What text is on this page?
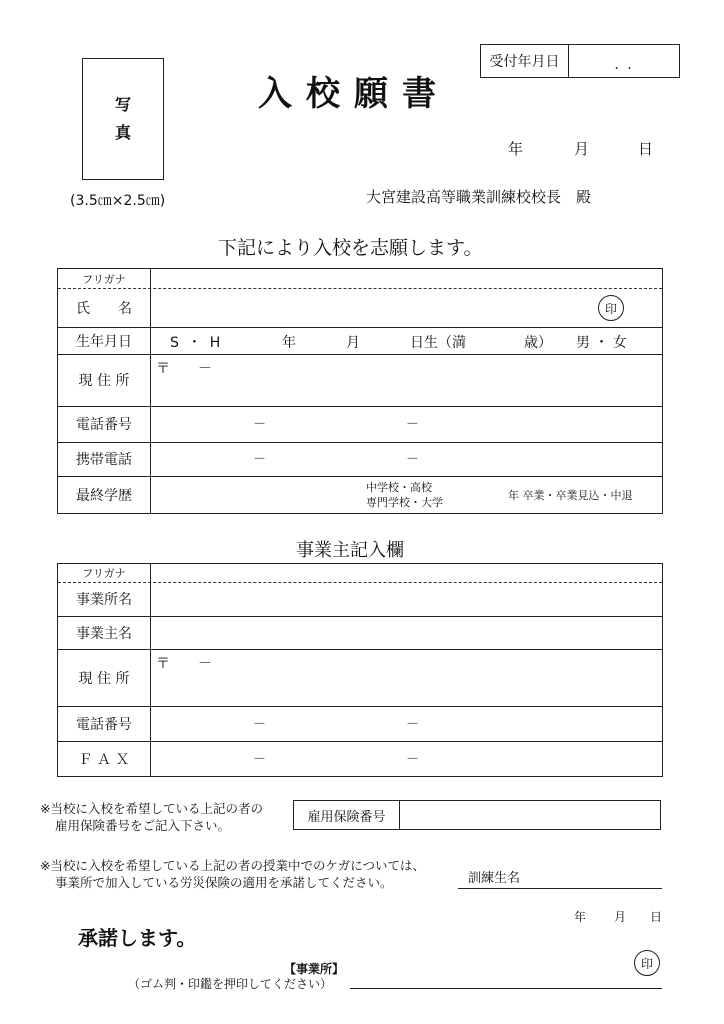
写
真
(3.5㎝×2.5㎝)
入校願書
受付年月日	. .
年	月	日
大宮建設高等職業訓練校校長　殿
下記により入校を志願します。
フリガナ
氏　　名	印
生年月日	S ・ H	年	月	日生（満	歳） 男 ・ 女
現 住 所
〒　　－
電話番号	－	－
携帯電話	－	－
最終学歴	中学校・高校
専門学校・大学
年 卒業・卒業見込・中退
事業主記入欄
フリガナ
事業所名
事業主名
現 住 所
〒　　－
電話番号	－	－
Ｆ Ａ Ｘ	－	－
※当校に入校を希望している上記の者の
雇用保険番号をご記入下さい。
雇用保険番号
※当校に入校を希望している上記の者の授業中でのケガについては、
事業所で加入している労災保険の適用を承諾してください。	訓練生名
年 月 日
承諾します。
【事業所】
（ゴム判・印鑑を押印してください）
印
